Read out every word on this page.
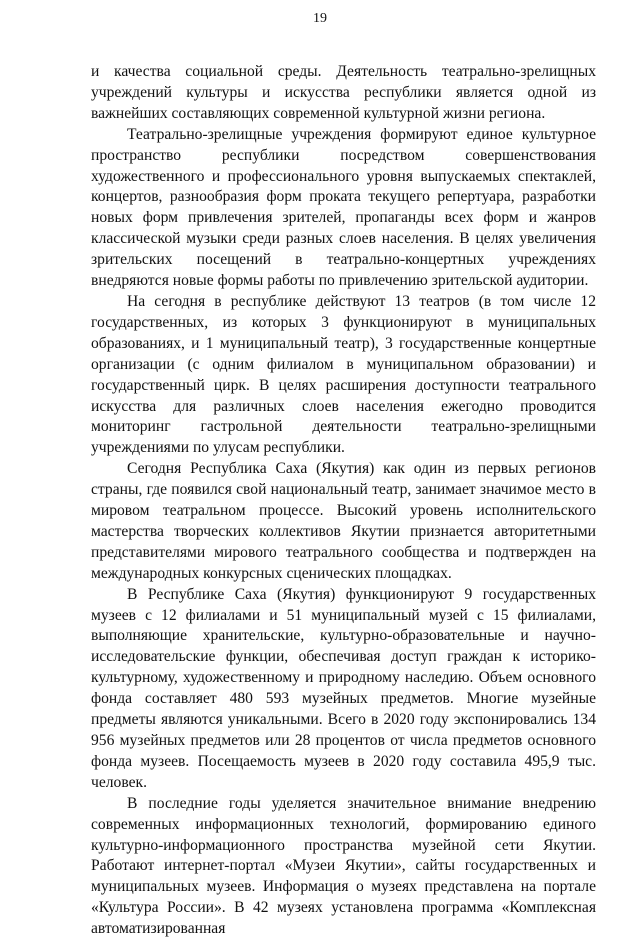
19

и качества социальной среды. Деятельность театрально-зрелищных учреждений культуры и искусства республики является одной из важнейших составляющих современной культурной жизни региона.

Театрально-зрелищные учреждения формируют единое культурное пространство республики посредством совершенствования художественного и профессионального уровня выпускаемых спектаклей, концертов, разнообразия форм проката текущего репертуара, разработки новых форм привлечения зрителей, пропаганды всех форм и жанров классической музыки среди разных слоев населения. В целях увеличения зрительских посещений в театрально-концертных учреждениях внедряются новые формы работы по привлечению зрительской аудитории.

На сегодня в республике действуют 13 театров (в том числе 12 государственных, из которых 3 функционируют в муниципальных образованиях, и 1 муниципальный театр), 3 государственные концертные организации (с одним филиалом в муниципальном образовании) и государственный цирк. В целях расширения доступности театрального искусства для различных слоев населения ежегодно проводится мониторинг гастрольной деятельности театрально-зрелищными учреждениями по улусам республики.

Сегодня Республика Саха (Якутия) как один из первых регионов страны, где появился свой национальный театр, занимает значимое место в мировом театральном процессе. Высокий уровень исполнительского мастерства творческих коллективов Якутии признается авторитетными представителями мирового театрального сообщества и подтвержден на международных конкурсных сценических площадках.

В Республике Саха (Якутия) функционируют 9 государственных музеев с 12 филиалами и 51 муниципальный музей с 15 филиалами, выполняющие хранительские, культурно-образовательные и научно-исследовательские функции, обеспечивая доступ граждан к историко-культурному, художественному и природному наследию. Объем основного фонда составляет 480 593 музейных предметов. Многие музейные предметы являются уникальными. Всего в 2020 году экспонировались 134 956 музейных предметов или 28 процентов от числа предметов основного фонда музеев. Посещаемость музеев в 2020 году составила 495,9 тыс. человек.

В последние годы уделяется значительное внимание внедрению современных информационных технологий, формированию единого культурно-информационного пространства музейной сети Якутии. Работают интернет-портал «Музеи Якутии», сайты государственных и муниципальных музеев. Информация о музеях представлена на портале «Культура России». В 42 музеях установлена программа «Комплексная автоматизированная
